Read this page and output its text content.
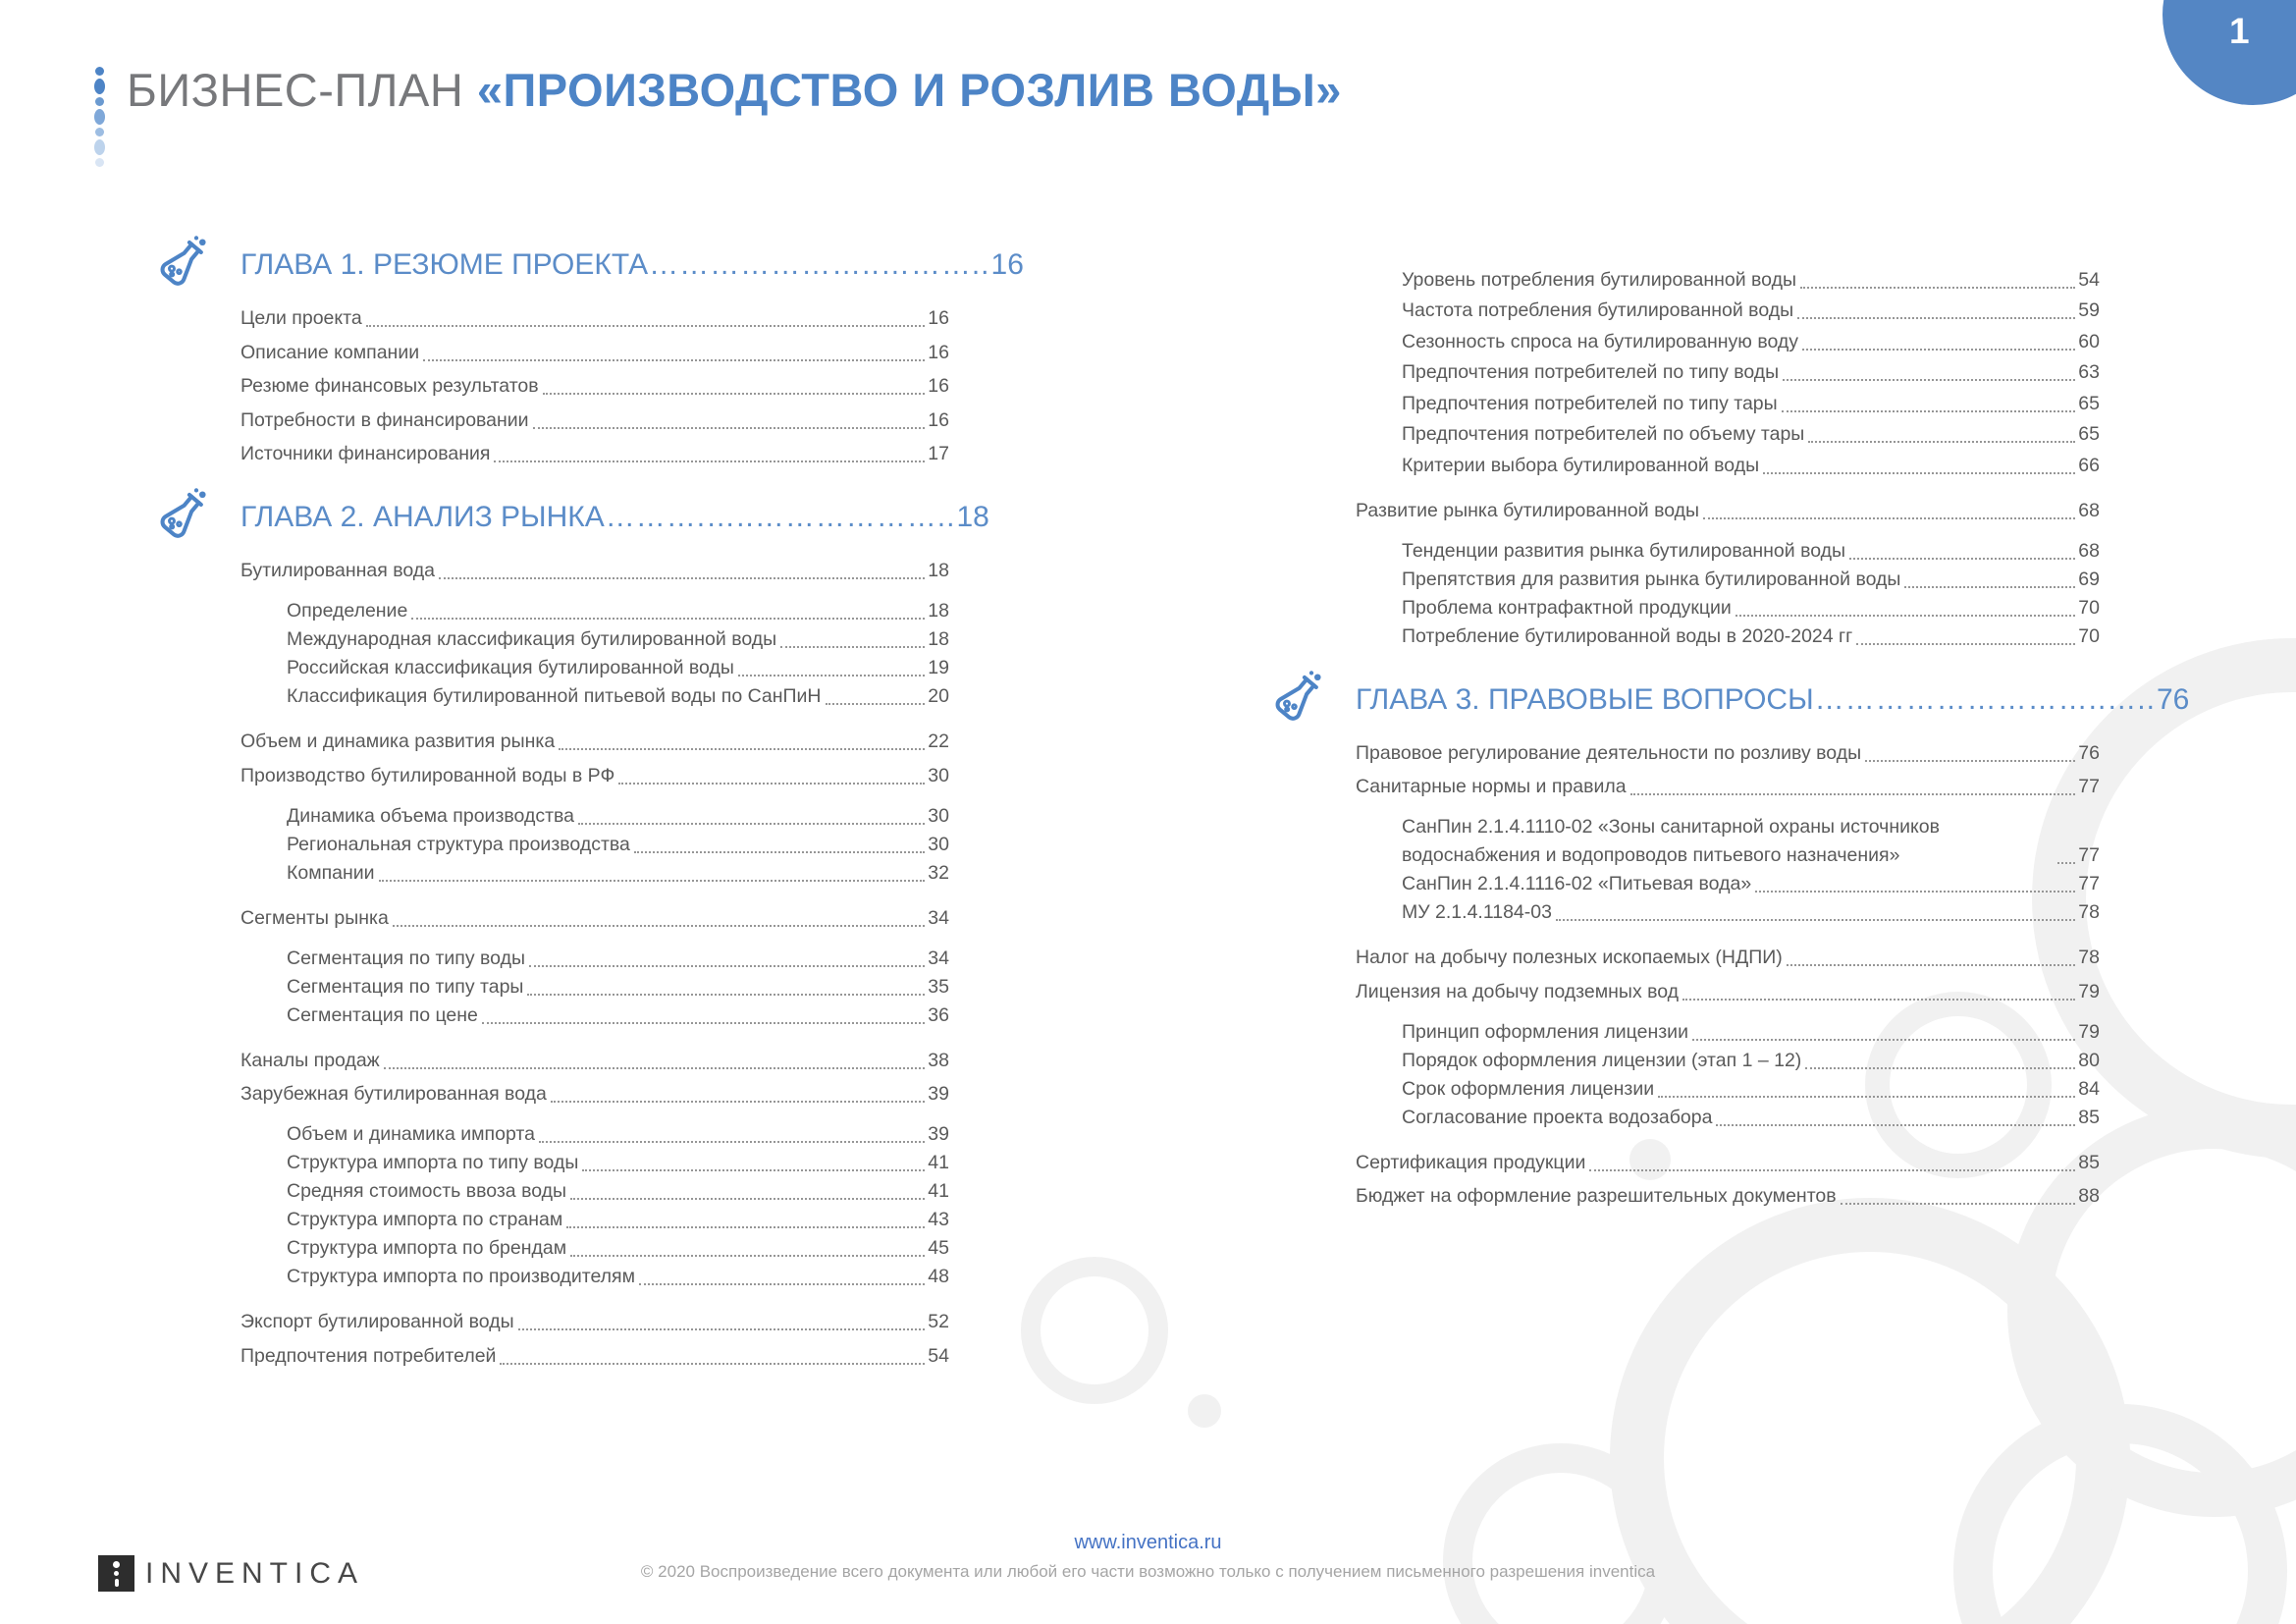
1
БИЗНЕС-ПЛАН «ПРОИЗВОДСТВО И РОЗЛИВ ВОДЫ»
ГЛАВА 1. РЕЗЮМЕ ПРОЕКТА …………………..……….. 16
Цели проекта	16
Описание компании	16
Резюме финансовых результатов	16
Потребности в финансировании	16
Источники финансирования	17
ГЛАВА 2. АНАЛИЗ РЫНКА ……….…..……………….. 18
Бутилированная вода	18
Определение	18
Международная классификация бутилированной воды	18
Российская классификация бутилированной воды	19
Классификация бутилированной питьевой воды по СанПиН	20
Объем и динамика развития рынка	22
Производство бутилированной воды в РФ	30
Динамика объема производства	30
Региональная структура производства	30
Компании	32
Сегменты рынка	34
Сегментация по типу воды	34
Сегментация по типу тары	35
Сегментация по цене	36
Каналы продаж	38
Зарубежная бутилированная вода	39
Объем и динамика импорта	39
Структура импорта по типу воды	41
Средняя стоимость ввоза воды	41
Структура импорта по странам	43
Структура импорта по брендам	45
Структура импорта по производителям	48
Экспорт бутилированной воды	52
Предпочтения потребителей	54
Уровень потребления бутилированной воды	54
Частота потребления бутилированной воды	59
Сезонность спроса на бутилированную воду	60
Предпочтения потребителей по типу воды	63
Предпочтения потребителей по типу тары	65
Предпочтения потребителей по объему тары	65
Критерии выбора бутилированной воды	66
Развитие рынка бутилированной воды	68
Тенденции развития рынка бутилированной воды	68
Препятствия для развития рынка бутилированной воды	69
Проблема контрафактной продукции	70
Потребление бутилированной воды в 2020-2024 гг	70
ГЛАВА 3. ПРАВОВЫЕ ВОПРОСЫ ………………………..….. 76
Правовое регулирование деятельности по розливу воды	76
Санитарные нормы и правила	77
СанПин 2.1.4.1110-02 «Зоны санитарной охраны источников водоснабжения и водопроводов питьевого назначения»	77
СанПин 2.1.4.1116-02 «Питьевая вода»	77
МУ 2.1.4.1184-03	78
Налог на добычу полезных ископаемых (НДПИ)	78
Лицензия на добычу подземных вод	79
Принцип оформления лицензии	79
Порядок оформления лицензии (этап 1 – 12)	80
Срок оформления лицензии	84
Согласование проекта водозабора	85
Сертификация продукции	85
Бюджет на оформление разрешительных документов	88
INVENTICA
www.inventica.ru
© 2020 Воспроизведение всего документа или любой его части возможно только с получением письменного разрешения inventica
